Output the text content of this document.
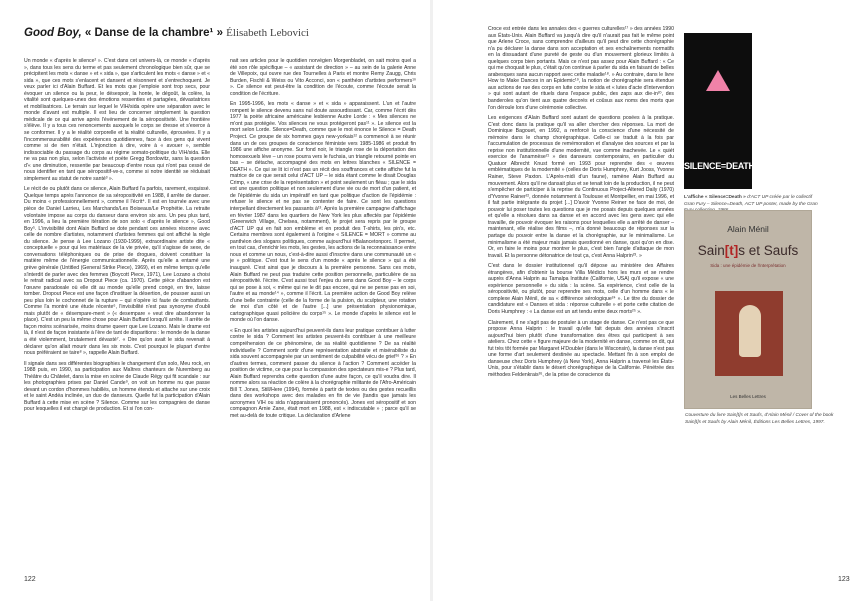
Good Boy, « Danse de la chambre¹ » Élisabeth Lebovici

Un monde « d'après le silence² ». C'est dans cet univers-là, ce monde « d'après », dans tous les sens du terme et pas seulement chronologique bien sûr, que se précipitent les mots « danse » et « sida », que s'articulent les mots « danse » et « sida », que ces mots s'enlacent et dansent et résonnent et s'entrechoquent. Je veux parler ici d'Alain Buffard. Et les mots que j'emploie sont trop secs, pour évoquer un silence ou la peur, le désespoir, la honte, le dégoût, la colère, la vitalité sont quelques-unes des émotions ressenties et partagées, dévastatrices et mobilisatrices. Le terrain sur lequel le VIH/sida opère une séparation avec le monde d'avant est multiple. Il est lieu de concerner simplement la question médicale de ce qui arrive après l'événement de la séropositivité. Une frontière s'élève. Il y a tous ces renoncements auxquels le corps se dresse et s'exerce à se conformer. Il y a le réalité corporelle et la réalité culturelle, éprouvées. Il y a l'incommensurabilité des expériences quotidiennes, face à des gens qui vivent comme si de rien n'était. L'injonction à dire, voire à « avouer », semble indissociable du passage du corps au régime somato-politique du VIH/sida. Elle ne va pas non plus, selon l'activiste et poète Gregg Bordowitz, sans la question d'« une diminution, ressentie par beaucoup d'entre nous qui n'ont pas cessé de nous identifier en tant que séropositif-ve-s, comme si notre identité se réduisait simplement au statut de notre santé³ ».

Le récit de ou plutôt dans ce silence, Alain Buffard l'a parfois, rarement, esquissé. Quelque temps après l'annonce de sa séropositivité en 1988, il arrête de danser. Du moins « professionnellement », comme il l'écrit⁴. Il est en tournée avec une pièce de Daniel Larrieu, Les Marchands/Les Boiseaux/Le Prophétie. La retraite volontaire impose au corps du danseur dans environ six ans. Un peu plus tard, en 1996, a lieu la première itération de son solo « d'après le silence », Good Boy⁵. L'invisibilité dont Alain Buffard se dote pendant ces années résonne avec celle de nombre d'artistes, notamment d'artistes femmes qui ont affiché la règle du silence. Je pense à Lee Lozano (1930-1999), extraordinaire artiste dite « conceptuelle » pour qui les matériaux de la vie privée, qu'il s'agisse de sexe, de conversations téléphoniques ou de prise de drogues, doivent constituer la matière même de l'énergie communicationnelle. Après qu'elle a entamé une grève générale (Untitled (General Strike Piece), 1969), et en même temps qu'elle s'interdit de parler avec des femmes (Boycott Piece, 1971), Lee Lozano a choisi le retrait radical avec sa Dropout Piece (ca. 1970). Cette pièce d'abandon est l'œuvre paradoxale où elle dit au monde qu'elle prend congé, en tire, laisse tomber. Dropout Piece est une façon d'instituer la désertion, de pousser aussi un peu plus loin le cochonnet de la rupture – qui n'opère ici faute de combattants. Comme l'a montré une étude récente⁶, l'invisibilité n'est pas synonyme d'oubli mais plutôt de « désempare-ment » (« desempare » veut dire abandonner la place). C'est un peu la même chose pour Alain Buffard lorsqu'il arrête. Il arrête de façon moins scénarisée, moins drame queerr que Lee Lozano. Mais le drame est là, il n'est de façon insistante à l'ère de tant de disparitions : le monde de la danse a été violemment, brutalement dévasté⁷. « Dire qu'on avait le sida revenait à déclarer qu'on allait mourir dans les six mois. C'est pourquoi le plupart d'entre nous préféraient se taire⁸ », rappelle Alain Buffard.

Il signale dans ses différentes biographies le changement d'un solo, Meu rock, en 1988 puis, en 1990, sa participation aux Maîtres chanteurs de Nuremberg au Théâtre du Châtelet, dans la mise en scène de Claude Régy qui fit scandale : sur les photographies prises par Daniel Cande⁹, on voit un homme nu que passe devant un cordon d'hommes habillés, un homme étendu et attache sur une croix et le saint Andéa inclinée, un duo de danseurs. Quelle fut la participation d'Alain Buffard à cette mise en scène ? Silence. Comme sur les compagnies de danse pour lesquelles il est chargé de production. Et si l'on con-

nait ses articles pour le quotidien norvégien Morgenbladet, on sait moins quel a été son rôle spécifique – « assistant de direction » – au sein de la galerie Anne de Villepoix, qui ouvre rue des Tournelles à Paris et montre Remy Zaugg, Chris Burden, Fischli & Weiss ou Vito Acconci, son « panthéon d'artistes performers¹⁰ ». Ce silence est peut-être la condition de l'écoute, comme l'écoute serait la condition de l'écriture.

En 1995-1996, les mots « danse » et « sida » apparaissent. L'un et l'autre rompent le silence devenu sans nul doute assourdissant. Car, comme l'écrit dès 1977 la poète africaine américaine lesbienne Audre Lorde : « Mes silences ne m'ont pas protégée. Vos silences ne vous protégeront pas¹¹ ». Le silence est la mort selon Lorde. Silence=Death, comme que le mot énonce le Silence = Death Project. Ce groupe de six hommes gays new-yorkais¹² a commencé à se réunir dans un de ces groupes de conscience féministe vers 1985-1986 et produit fin 1986 une affiche anonyme. Sur fond noir, le triangle rose de la déportation des homosexuels lève – un rose pourra vers le fuchsia, un triangle retourné pointe en bas – se détache, accompagné des mots en lettres blanches « SILENCE = DEATH ». Ce qui se lit ici n'est pas un récit des souffrances et cette affiche fut la matrice de ce que serait celui d'ACT UP – le sida étant comme le disait Douglas Crimp, « une crise de la représentation » et point seulement un fléau ; que le sida est une question politique et non seulement d'une vie ou de mort d'un patient, et de l'épidémie du sida un impératif en tant que politique d'action de l'épidémie : refuser le silence et ne pas se contenter de faire. Ce sont les questions interpellant directement les passants à¹³. Après la première campagne d'affichage en février 1987 dans les quartiers de New York les plus affectés par l'épidémie (Greenwich Village, Chelsea, notamment), le projet sera repris par le groupe d'ACT UP qui en fait son emblème et en produit des T-shirts, les pin's, etc. Certains membres sont également à l'origine « SILENCE = MORT » comme au panthéon des slogans politiques, comme aujourd'hui #Balancetonporc. Il permet, en tout cas, d'enrichir les mots, les gestes, les actions de la reconnaissance entre nous et comme un nous, c'est-à-dire aussi d'inscrire dans une communauté un « je » politique. C'est tout le sens d'un monde « après le silence » qui a été inauguré. C'est ainsi que je discours à la première personne. Sans ces mots, Alain Buffard ne peut pas traduire cette position personnelle, particulière de sa séropositivité. l'écrire. C'est aussi tout l'enjeu du sens dans Good Boy – le corps qui se pose à soi, « même qui ne le dit pas encore, qui ne se pense pas en soi, l'autre et au monde¹⁴ », comme il l'écrit. La première action de Good Boy relève d'une belle contrainte (celle de la forme de la pulsion, du sculpteur, une rotation de moi d'un côté et de l'autre [...] une présentation physionomique, cartographique quasi policière du corps¹⁵ ». Le monde d'après le silence est le monde où l'on danse.

« En quoi les artistes aujourd'hui peuvent-ils dans leur pratique contribuer à lutter contre le sida ? Comment les artistes peuvent-ils contribuer à une meilleure compréhension de ce phénomène, de sa réalité quotidienne ? De sa réalité individuelle ? Comment sortir d'une représentation abstraite et misérabiliste du sida souvent accompagnée par un sentiment de culpabilité vécu de grief¹⁶ ? » En d'autres termes, comment passer du silence à l'action ? Comment accéder la position de victime, ce que pour la compassion des spectateurs mis-e ? Plus tard, Alain Buffard reprendra cette question d'une autre façon, ce qu'il voudra dire. Il nomme alors sa réaction de colère à la chorégraphie militante de l'Afro-Américain Bill T. Jones, Still/Here (1994), formée à partir de textes ou des gestes recueillis dans des workshops avec des malades en fin de vie (tandis que jamais les acronymes VIH ou sida n'apparaissent prononcés). Jones est séropositif et son compagnon Arnie Zane, était mort en 1988, est « indiscutable » ; parce qu'il se met au-delà de toute critique. La déclaration d'Arlene

122

Croce est entrée dans les annales des « guerres culturelles¹⁷ » des années 1990 aux États-Unis. Alain Buffard va jusqu'à dire qu'il n'aurait pas fait le même point que Arlene Croce, sans comprendre d'ailleurs qu'il peut dire cette chorégraphie n'a pu déclarer la danse dans son acceptation et ses enchaînements normatifs en la dissuadant d'une pureté de geste ou d'un mouvement glorieux limités à quelques corps bien portants. Mais ce n'est pas assez pour Alain Buffard : « Ce qui me choquait le plus, c'était qu'on continue à parler du sida en faisant de belles arabesques sans aucun rapport avec cette maladie¹⁸. » Au contraire, dans le livre How to Make Dances in an Epidemic¹⁹, la notion de chorégraphie sera étendue aux actions de rue des corps en lutte contre le sida et « lutes d'acte d'intervention » qui sont autant de rituels dans l'espace public, des zaps aux die-in²⁰, des banderoles qu'on tient aux quatre decorés et coûsus aux noms des morts que l'on déroule lors d'une cérémonie collective.

Les exigences d'Alain Buffard sont autant de questions posées à la pratique. C'est donc dans la pratique qu'il va aller chercher des réponses. La mort de Dominique Bagouet, en 1992, a renforcé la conscience d'une nécessité de mémoire dans le champ chorégraphique. Celle-ci se traduit à la fois par l'accumulation de processus de remémoration et d'analyse des sources et par la reprise non institutionnelle d'une modernité, vue comme inachevée. Le « quiét exercice de l'anamnèse²¹ » des danseurs contemporains, en particulier du Quatuor Albrecht Knust formé en 1993 pour reprendre des « œuvres emblématiques de la modernité » (celles de Doris Humphrey, Kurt Jooss, Yvonne Rainer, Steve Paxton. L'Après-midi d'un faune), ramène Alain Buffard au mouvement. Alors qu'il ne dansait plus et se tenait loin de la production, il ne peut s'empêcher de participer à la reprise du Continuous Project-Altered Daily (1970) d'Yvonne Rainer²², donnée notamment à Toulouse et Montpellier, en mai 1996, et il fait partie intégrante du projet [...] D'avoir Yvonne Reiner ne face de moi, de pouvoir lui poser toutes les questions que je me posais depuis quelques années et qu'elle a résolues dans sa danse et en accord avec les gens avec qui elle travaille, de pouvoir évoquer les raisons pour lesquelles elle a arrêté de danser – maintenant, elle réalise des films –, m'a donné beaucoup de réponses sur la partage du pouvoir entre la danse et la chorégraphie, sur le minimalisme. Le minimalisme a été majeur mais jamais questionné en danse, quoi qu'on en dise. Or, en faire le moins pour montrer le plus, c'est bien l'angle d'attaque de mon travail. Et la personne détonatrice de tout ça, c'est Anna Halprin²³. »

C'est dans le dossier institutionnel qu'il dépose au ministère des Affaires étrangères, afin d'obtenir la bourse Villa Médicis hors les murs et se rendre auprès d'Anna Halprin au Tamalpa Institute (Californie, USA) qu'il expose « une expérience personnelle » du sida : la scène. Sa expérience, c'est celle de la séropositivité, ou plutôt, pour reprendre ses mots, celle d'un homme dans « le complexe Alain Ménil, de sa « différence sérologique²⁴ ». Le titre du dossier de candidature est « Danses et sida : réponse culturelle » et porte cette citation de Doris Humphrey : « La danse est un art tendu entre deux morts²⁵ ».

Clairement, il ne s'agit pas de postuler à un stage de danse. Ce n'est pas ce que propose Anna Halprin : le travail qu'elle fait depuis des années s'inscrit aujourd'hui bien plutôt d'une transformation des êtres qui participent à ses ateliers. Chez cette « figure majeure de la modernité en danse, comme on dit, qui fut très tôt formée par Margaret H'Doubler (dans le Wisconsin), la danse n'est pas une forme d'art seulement destinée au spectacle. Mettant fin à son emploi de danseuse chez Doris Humphrey (à New York), Anna Halprin a traversé les États-Unis, pour s'établir dans le désert chorégraphique de la Californie. Pénétrée des méthodes Feldenkrais²⁶, de la prise de conscience du

SILENCE=DEATH
L'affiche « Silence=Death » d'ACT UP créée par le collectif Gran Fury – Silence=Death, ACT UP poster, made by the Gran
Alain Ménil
Sain[t]s et Saufs
Sida : une épidémie de l'interprétation
Les Belles Lettres
Couverture du livre Sain[t]s et Saufs, d'Alain Ménil / Cover of the book Sain[t]s et Saufs by Alain Ménil, Éditions Les Belles Lettres, 1997.
123
